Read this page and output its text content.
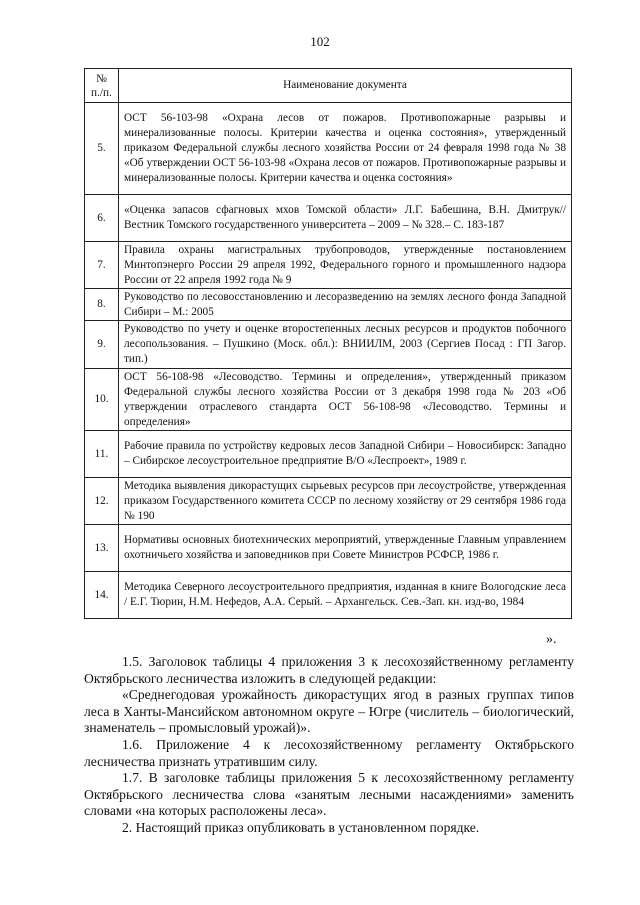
102
№ п./п.	Наименование документа
5.	ОСТ 56-103-98 «Охрана лесов от пожаров. Противопожарные разрывы и минерализованные полосы. Критерии качества и оценка состояния», утвержденный приказом Федеральной службы лесного хозяйства России от 24 февраля 1998 года № 38 «Об утверждении ОСТ 56-103-98 «Охрана лесов от пожаров. Противопожарные разрывы и минерализованные полосы. Критерии качества и оценка состояния»
6.	«Оценка запасов сфагновых мхов Томской области» Л.Г. Бабешина, В.Н. Дмитрук// Вестник Томского государственного университета – 2009 – № 328.– С. 183-187
7.	Правила охраны магистральных трубопроводов, утвержденные постановлением Минтопэнерго России 29 апреля 1992, Федерального горного и промышленного надзора России от 22 апреля 1992 года № 9
8.	Руководство по лесовосстановлению и лесоразведению на землях лесного фонда Западной Сибири – М.: 2005
9.	Руководство по учету и оценке второстепенных лесных ресурсов и продуктов побочного лесопользования. – Пушкино (Моск. обл.): ВНИИЛМ, 2003 (Сергиев Посад : ГП Загор. тип.)
10.	ОСТ 56-108-98 «Лесоводство. Термины и определения», утвержденный приказом Федеральной службы лесного хозяйства России от 3 декабря 1998 года № 203 «Об утверждении отраслевого стандарта ОСТ 56-108-98 «Лесоводство. Термины и определения»
11.	Рабочие правила по устройству кедровых лесов Западной Сибири – Новосибирск: Западно – Сибирское лесоустроительное предприятие В/О «Леспроект», 1989 г.
12.	Методика выявления дикорастущих сырьевых ресурсов при лесоустройстве, утвержденная приказом Государственного комитета СССР по лесному хозяйству от 29 сентября 1986 года № 190
13.	Нормативы основных биотехнических мероприятий, утвержденные Главным управлением охотничьего хозяйства и заповедников при Совете Министров РСФСР, 1986 г.
14.	Методика Северного лесоустроительного предприятия, изданная в книге Вологодские леса / Е.Г. Тюрин, Н.М. Нефедов, А.А. Серый. – Архангельск. Сев.-Зап. кн. изд-во, 1984
».

1.5. Заголовок таблицы 4 приложения 3 к лесохозяйственному регламенту Октябрьского лесничества изложить в следующей редакции:

«Среднегодовая урожайность дикорастущих ягод в разных группах типов леса в Ханты-Мансийском автономном округе – Югре (числитель – биологический, знаменатель – промысловый урожай)».

1.6. Приложение 4 к лесохозяйственному регламенту Октябрьского лесничества признать утратившим силу.

1.7. В заголовке таблицы приложения 5 к лесохозяйственному регламенту Октябрьского лесничества слова «занятым лесными насаждениями» заменить словами «на которых расположены леса».

2. Настоящий приказ опубликовать в установленном порядке.
